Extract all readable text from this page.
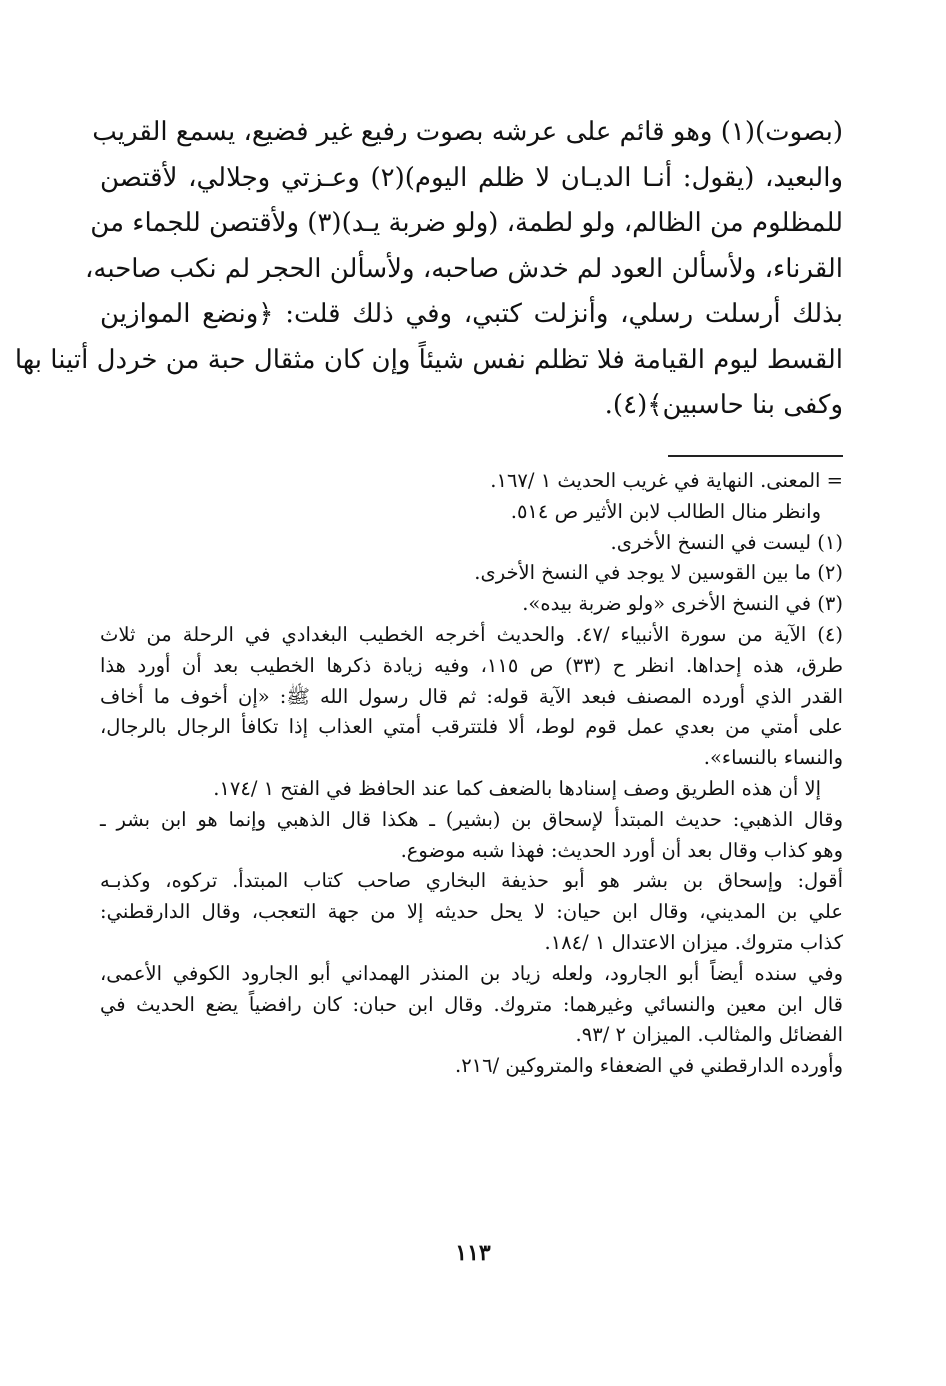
(بصوت)(١) وهو قائم على عرشه بصوت رفيع غير فضيع، يسمع القريب
والبعيد، (يقول: أنـا الديـان لا ظلم اليوم)(٢) وعـزتي وجلالي، لأقتصن
للمظلوم من الظالم، ولو لطمة، (ولو ضربة يـد)(٣) ولأقتصن للجماء من
القرناء، ولأسألن العود لم خدش صاحبه، ولأسألن الحجر لم نكب صاحبه،
بذلك أرسلت رسلي، وأنزلت كتبي، وفي ذلك قلت: ﴿ونضع الموازين
القسط ليوم القيامة فلا تظلم نفس شيئاً وإن كان مثقال حبة من خردل أتينا بها
وكفى بنا حاسبين﴾(٤).
= المعنى. النهاية في غريب الحديث ١ /١٦٧.
وانظر منال الطالب لابن الأثير ص ٥١٤.
(١) ليست في النسخ الأخرى.
(٢) ما بين القوسين لا يوجد في النسخ الأخرى.
(٣) في النسخ الأخرى «ولو ضربة بيده».
(٤) الآية من سورة الأنبياء /٤٧. والحديث أخرجه الخطيب البغدادي في الرحلة من ثلاث
طرق، هذه إحداها. انظر ح (٣٣) ص ١١٥، وفيه زيادة ذكرها الخطيب بعد أن أورد هذا
القدر الذي أورده المصنف فبعد الآية قوله: ثم قال رسول الله ﷺ: «إن أخوف ما أخاف
على أمتي من بعدي عمل قوم لوط، ألا فلتترقب أمتي العذاب إذا تكافأ الرجال بالرجال،
والنساء بالنساء».
إلا أن هذه الطريق وصف إسنادها بالضعف كما عند الحافظ في الفتح ١ /١٧٤.
وقال الذهبي: حديث المبتدأ لإسحاق بن (بشير) ـ هكذا قال الذهبي وإنما هو ابن بشر ـ
وهو كذاب وقال بعد أن أورد الحديث: فهذا شبه موضوع.
أقول: وإسحاق بن بشر هو أبو حذيفة البخاري صاحب كتاب المبتدأ. تركوه، وكذبـه
علي بن المديني، وقال ابن حيان: لا يحل حديثه إلا من جهة التعجب، وقال الدارقطني:
كذاب متروك. ميزان الاعتدال ١ /١٨٤.
وفي سنده أيضاً أبو الجارود، ولعله زياد بن المنذر الهمداني أبو الجارود الكوفي الأعمى،
قال ابن معين والنسائي وغيرهما: متروك. وقال ابن حبان: كان رافضياً يضع الحديث في
الفضائل والمثالب. الميزان ٢ /٩٣.
وأورده الدارقطني في الضعفاء والمتروكين /٢١٦.
١١٣
